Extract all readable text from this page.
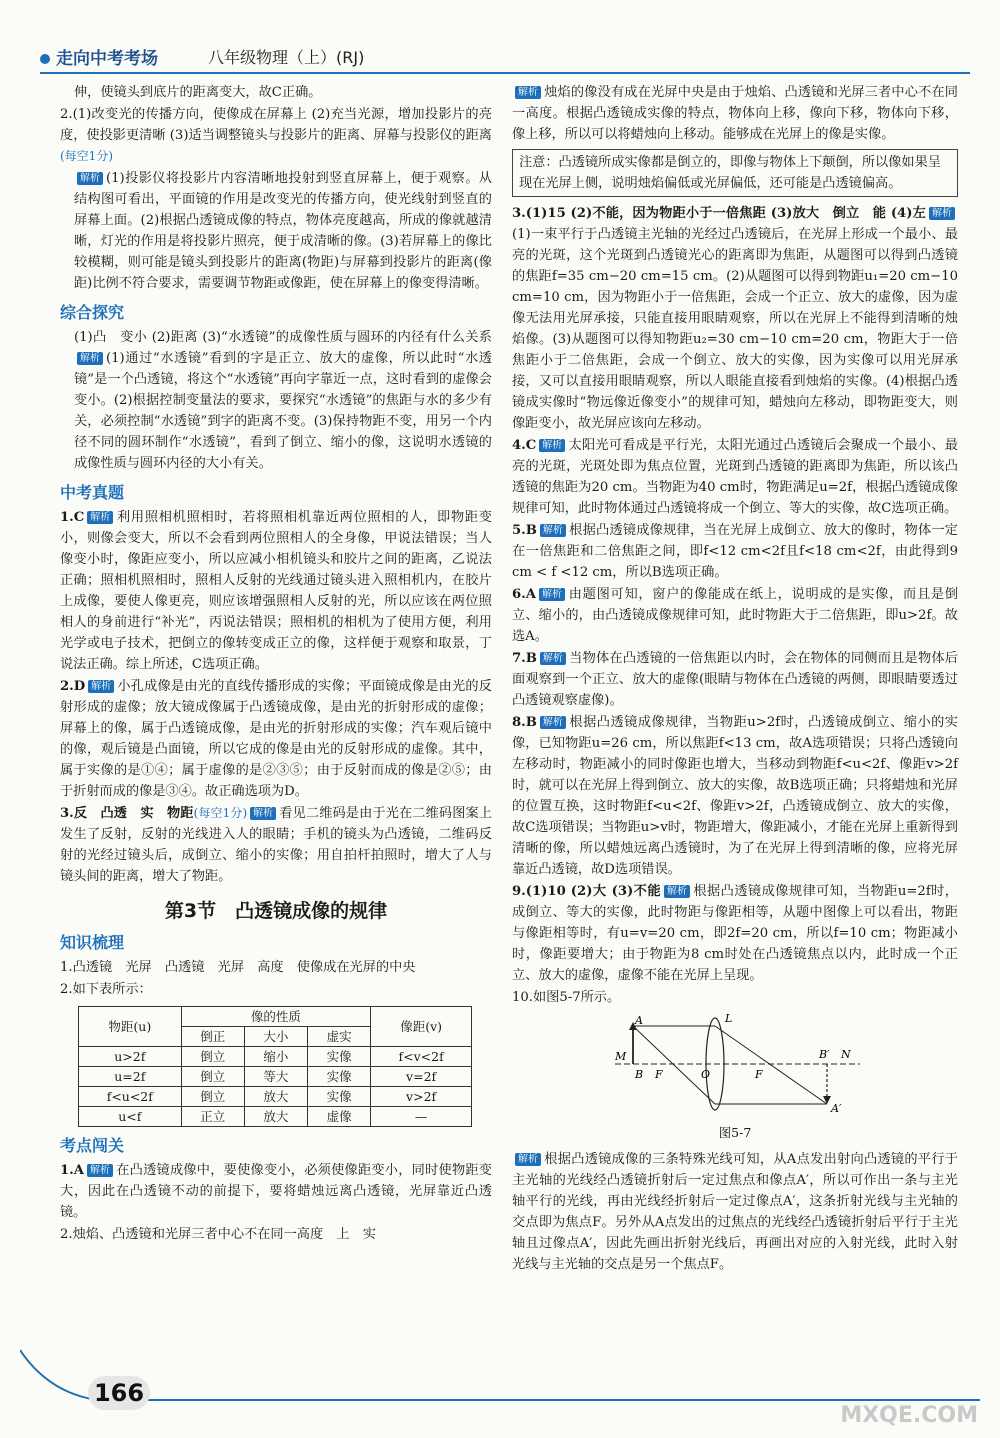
走向中考考场	八年级物理（上）(RJ)

伸，使镜头到底片的距离变大，故C正确。

2.(1)改变光的传播方向，使像成在屏幕上 (2)充当光源，增加投影片的亮度，使投影更清晰 (3)适当调整镜头与投影片的距离、屏幕与投影仪的距离(每空1分)

解析 (1)投影仪将投影片内容清晰地投射到竖直屏幕上，便于观察。从结构图可看出，平面镜的作用是改变光的传播方向，使光线射到竖直的屏幕上面。(2)根据凸透镜成像的特点，物体亮度越高，所成的像就越清晰，灯光的作用是将投影片照亮，便于成清晰的像。(3)若屏幕上的像比较模糊，则可能是镜头到投影片的距离(物距)与屏幕到投影片的距离(像距)比例不符合要求，需要调节物距或像距，使在屏幕上的像变得清晰。

综合探究

(1)凸　变小 (2)距离 (3)“水透镜”的成像性质与圆环的内径有什么关系解析 (1)通过“水透镜”看到的字是正立、放大的虚像，所以此时“水透镜”是一个凸透镜，将这个“水透镜”再向字靠近一点，这时看到的虚像会变小。(2)根据控制变量法的要求，要探究“水透镜”的焦距与水的多少有关，必须控制“水透镜”到字的距离不变。(3)保持物距不变，用另一个内径不同的圆环制作“水透镜”，看到了倒立、缩小的像，这说明水透镜的成像性质与圆环内径的大小有关。

中考真题

1.C 解析 利用照相机照相时，若将照相机靠近两位照相的人，即物距变小，则像会变大，所以不会看到两位照相人的全身像，甲说法错误；当人像变小时，像距应变小，所以应减小相机镜头和胶片之间的距离，乙说法正确；照相机照相时，照相人反射的光线通过镜头进入照相机内，在胶片上成像，要使人像更亮，则应该增强照相人反射的光，所以应该在两位照相人的身前进行“补光”，丙说法错误；照相机的相机为了使用方便，利用光学或电子技术，把倒立的像转变成正立的像，这样便于观察和取景，丁说法正确。综上所述，C选项正确。

2.D 解析 小孔成像是由光的直线传播形成的实像；平面镜成像是由光的反射形成的虚像；放大镜成像属于凸透镜成像，是由光的折射形成的虚像；屏幕上的像，属于凸透镜成像，是由光的折射形成的实像；汽车观后镜中的像，观后镜是凸面镜，所以它成的像是由光的反射形成的虚像。其中，属于实像的是①④；属于虚像的是②③⑤；由于反射而成的像是②⑤；由于折射而成的像是③④。故正确选项为D。

3.反　凸透　实　物距(每空1分) 解析 看见二维码是由于光在二维码图案上发生了反射，反射的光线进入人的眼睛；手机的镜头为凸透镜，二维码反射的光经过镜头后，成倒立、缩小的实像；用自拍杆拍照时，增大了人与镜头间的距离，增大了物距。

第3节　凸透镜成像的规律
知识梳理

1.凸透镜　光屏　凸透镜　光屏　高度　使像成在光屏的中央

2.如下表所示：

物距(u)	像的性质			像距(v)
	倒正	大小	虚实	
u>2f	倒立	缩小	实像	f<v<2f
u=2f	倒立	等大	实像	v=2f
f<u<2f	倒立	放大	实像	v>2f
u<f	正立	放大	虚像	—
考点闯关

1.A 解析 在凸透镜成像中，要使像变小，必须使像距变小，同时使物距变大，因此在凸透镜不动的前提下，要将蜡烛远离凸透镜，光屏靠近凸透镜。

2.烛焰、凸透镜和光屏三者中心不在同一高度　上　实

解析 烛焰的像没有成在光屏中央是由于烛焰、凸透镜和光屏三者中心不在同一高度。根据凸透镜成实像的特点，物体向上移，像向下移，物体向下移，像上移，所以可以将蜡烛向上移动。能够成在光屏上的像是实像。

注意：凸透镜所成实像都是倒立的，即像与物体上下颠倒，所以像如果呈现在光屏上侧，说明烛焰偏低或光屏偏低，还可能是凸透镜偏高。

3.(1)15 (2)不能，因为物距小于一倍焦距 (3)放大　倒立　能 (4)左 解析(1)一束平行于凸透镜主光轴的光经过凸透镜后，在光屏上形成一个最小、最亮的光斑，这个光斑到凸透镜光心的距离即为焦距，从题图可以得到凸透镜的焦距f=35 cm−20 cm=15 cm。(2)从题图可以得到物距u₁=20 cm−10 cm=10 cm，因为物距小于一倍焦距，会成一个正立、放大的虚像，因为虚像无法用光屏承接，只能直接用眼睛观察，所以在光屏上不能得到清晰的烛焰像。(3)从题图可以得知物距u₂=30 cm−10 cm=20 cm，物距大于一倍焦距小于二倍焦距，会成一个倒立、放大的实像，因为实像可以用光屏承接，又可以直接用眼睛观察，所以人眼能直接看到烛焰的实像。(4)根据凸透镜成实像时“物远像近像变小”的规律可知，蜡烛向左移动，即物距变大，则像距变小，故光屏应该向左移动。

4.C 解析 太阳光可看成是平行光，太阳光通过凸透镜后会聚成一个最小、最亮的光斑，光斑处即为焦点位置，光斑到凸透镜的距离即为焦距，所以该凸透镜的焦距为20 cm。当物距为40 cm时，物距满足u=2f，根据凸透镜成像规律可知，此时物体通过凸透镜将成一个倒立、等大的实像，故C选项正确。

5.B 解析 根据凸透镜成像规律，当在光屏上成倒立、放大的像时，物体一定在一倍焦距和二倍焦距之间，即f<12 cm<2f且f<18 cm<2f，由此得到9 cm < f <12 cm，所以B选项正确。

6.A 解析 由题图可知，窗户的像能成在纸上，说明成的是实像，而且是倒立、缩小的，由凸透镜成像规律可知，此时物距大于二倍焦距，即u>2f。故选A。

7.B 解析 当物体在凸透镜的一倍焦距以内时，会在物体的同侧而且是物体后面观察到一个正立、放大的虚像(眼睛与物体在凸透镜的两侧，即眼睛要透过凸透镜观察虚像)。

8.B 解析 根据凸透镜成像规律，当物距u>2f时，凸透镜成倒立、缩小的实像，已知物距u=26 cm，所以焦距f<13 cm，故A选项错误；只将凸透镜向左移动时，物距减小的同时像距也增大，当移动到物距f<u<2f、像距v>2f时，就可以在光屏上得到倒立、放大的实像，故B选项正确；只将蜡烛和光屏的位置互换，这时物距f<u<2f、像距v>2f，凸透镜成倒立、放大的实像，故C选项错误；当物距u>v时，物距增大，像距减小，才能在光屏上重新得到清晰的像，所以蜡烛远离凸透镜时，为了在光屏上得到清晰的像，应将光屏靠近凸透镜，故D选项错误。

9.(1)10 (2)大 (3)不能 解析 根据凸透镜成像规律可知，当物距u=2f时，成倒立、等大的实像，此时物距与像距相等，从题中图像上可以看出，物距与像距相等时，有u=v=20 cm，即2f=20 cm，所以f=10 cm；物距减小时，像距要增大；由于物距为8 cm时处在凸透镜焦点以内，此时成一个正立、放大的虚像，虚像不能在光屏上呈现。

10.如图5-7所示。

A	L
M
B F	O	F
B′ N
A′
图5-7

解析 根据凸透镜成像的三条特殊光线可知，从A点发出射向凸透镜的平行于主光轴的光线经凸透镜折射后一定过焦点和像点A′，所以可作出一条与主光轴平行的光线，再由光线经折射后一定过像点A′，这条折射光线与主光轴的交点即为焦点F。另外从A点发出的过焦点的光线经凸透镜折射后平行于主光轴且过像点A′，因此先画出折射光线后，再画出对应的入射光线，此时入射光线与主光轴的交点是另一个焦点F。

166
MXQE.COM
